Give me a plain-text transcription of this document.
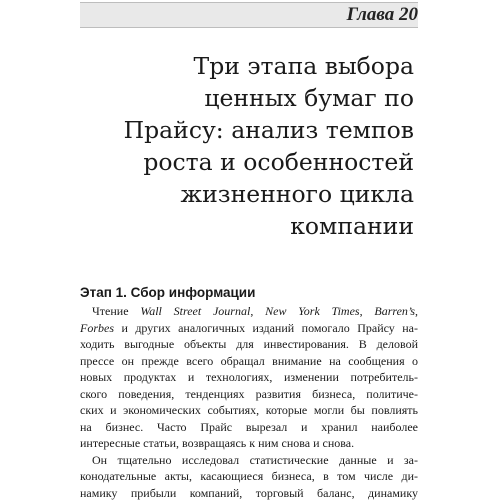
Глава 20
Три этапа выбора
ценных бумаг по
Прайсу: анализ темпов
роста и особенностей
жизненного цикла
компании
Этап 1. Сбор информации
Чтение Wall Street Journal, New York Times, Barren’s,
Forbes и других аналогичных изданий помогало Прайсу на-
ходить выгодные объекты для инвестирования. В деловой
прессе он прежде всего обращал внимание на сообщения о
новых продуктах и технологиях, изменении потребитель-
ского поведения, тенденциях развития бизнеса, политиче-
ских и экономических событиях, которые могли бы повлиять
на бизнес. Часто Прайс вырезал и хранил наиболее
интересные статьи, возвращаясь к ним снова и снова.
Он тщательно исследовал статистические данные и за-
конодательные акты, касающиеся бизнеса, в том числе ди-
намику прибыли компаний, торговый баланс, динамику
